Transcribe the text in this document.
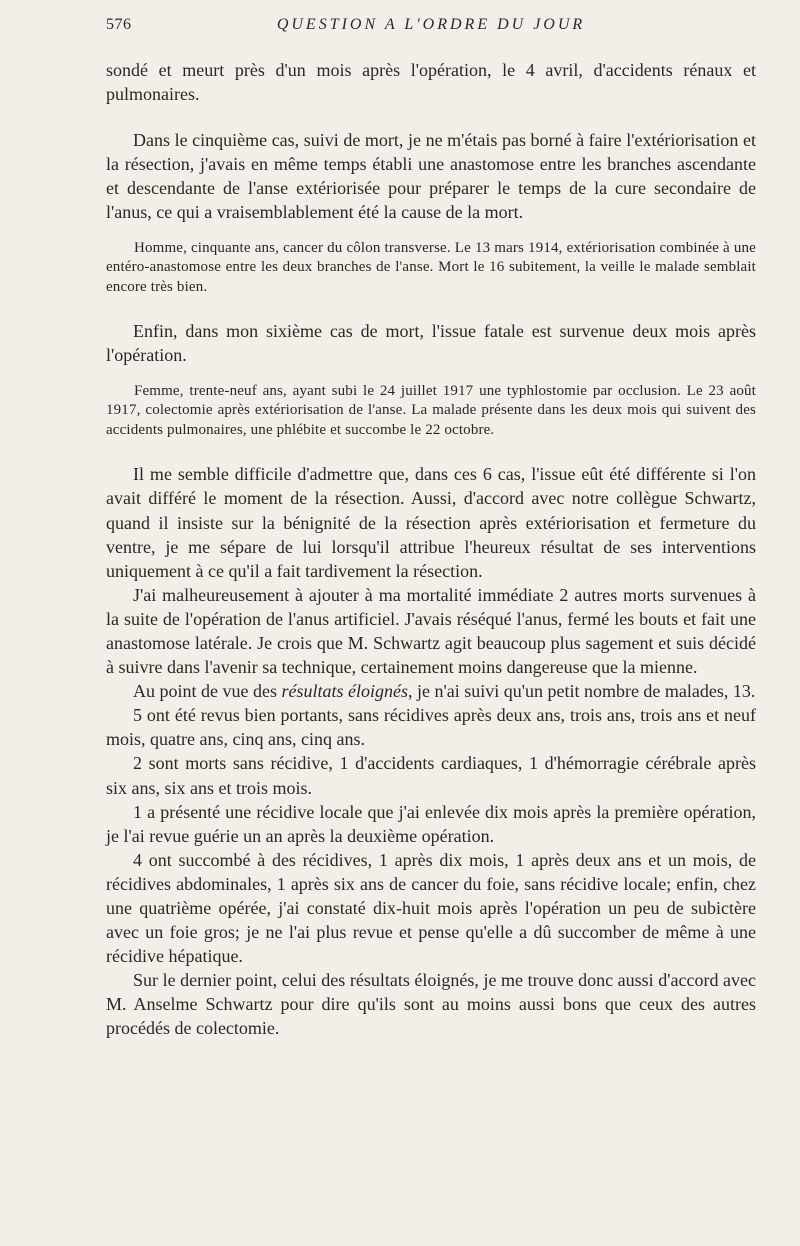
576	QUESTION A L'ORDRE DU JOUR

sondé et meurt près d'un mois après l'opération, le 4 avril, d'accidents rénaux et pulmonaires.

Dans le cinquième cas, suivi de mort, je ne m'étais pas borné à faire l'extériorisation et la résection, j'avais en même temps établi une anastomose entre les branches ascendante et descendante de l'anse extériorisée pour préparer le temps de la cure secondaire de l'anus, ce qui a vraisemblablement été la cause de la mort.

Homme, cinquante ans, cancer du côlon transverse. Le 13 mars 1914, extériorisation combinée à une entéro-anastomose entre les deux branches de l'anse. Mort le 16 subitement, la veille le malade semblait encore très bien.

Enfin, dans mon sixième cas de mort, l'issue fatale est survenue deux mois après l'opération.

Femme, trente-neuf ans, ayant subi le 24 juillet 1917 une typhlostomie par occlusion. Le 23 août 1917, colectomie après extériorisation de l'anse. La malade présente dans les deux mois qui suivent des accidents pulmonaires, une phlébite et succombe le 22 octobre.

Il me semble difficile d'admettre que, dans ces 6 cas, l'issue eût été différente si l'on avait différé le moment de la résection. Aussi, d'accord avec notre collègue Schwartz, quand il insiste sur la bénignité de la résection après extériorisation et fermeture du ventre, je me sépare de lui lorsqu'il attribue l'heureux résultat de ses interventions uniquement à ce qu'il a fait tardivement la résection.

J'ai malheureusement à ajouter à ma mortalité immédiate 2 autres morts survenues à la suite de l'opération de l'anus artificiel. J'avais réséqué l'anus, fermé les bouts et fait une anastomose latérale. Je crois que M. Schwartz agit beaucoup plus sagement et suis décidé à suivre dans l'avenir sa technique, certainement moins dangereuse que la mienne.

Au point de vue des résultats éloignés, je n'ai suivi qu'un petit nombre de malades, 13.

5 ont été revus bien portants, sans récidives après deux ans, trois ans, trois ans et neuf mois, quatre ans, cinq ans, cinq ans.

2 sont morts sans récidive, 1 d'accidents cardiaques, 1 d'hémorragie cérébrale après six ans, six ans et trois mois.

1 a présenté une récidive locale que j'ai enlevée dix mois après la première opération, je l'ai revue guérie un an après la deuxième opération.

4 ont succombé à des récidives, 1 après dix mois, 1 après deux ans et un mois, de récidives abdominales, 1 après six ans de cancer du foie, sans récidive locale; enfin, chez une quatrième opérée, j'ai constaté dix-huit mois après l'opération un peu de subictère avec un foie gros; je ne l'ai plus revue et pense qu'elle a dû succomber de même à une récidive hépatique.

Sur le dernier point, celui des résultats éloignés, je me trouve donc aussi d'accord avec M. Anselme Schwartz pour dire qu'ils sont au moins aussi bons que ceux des autres procédés de colectomie.
